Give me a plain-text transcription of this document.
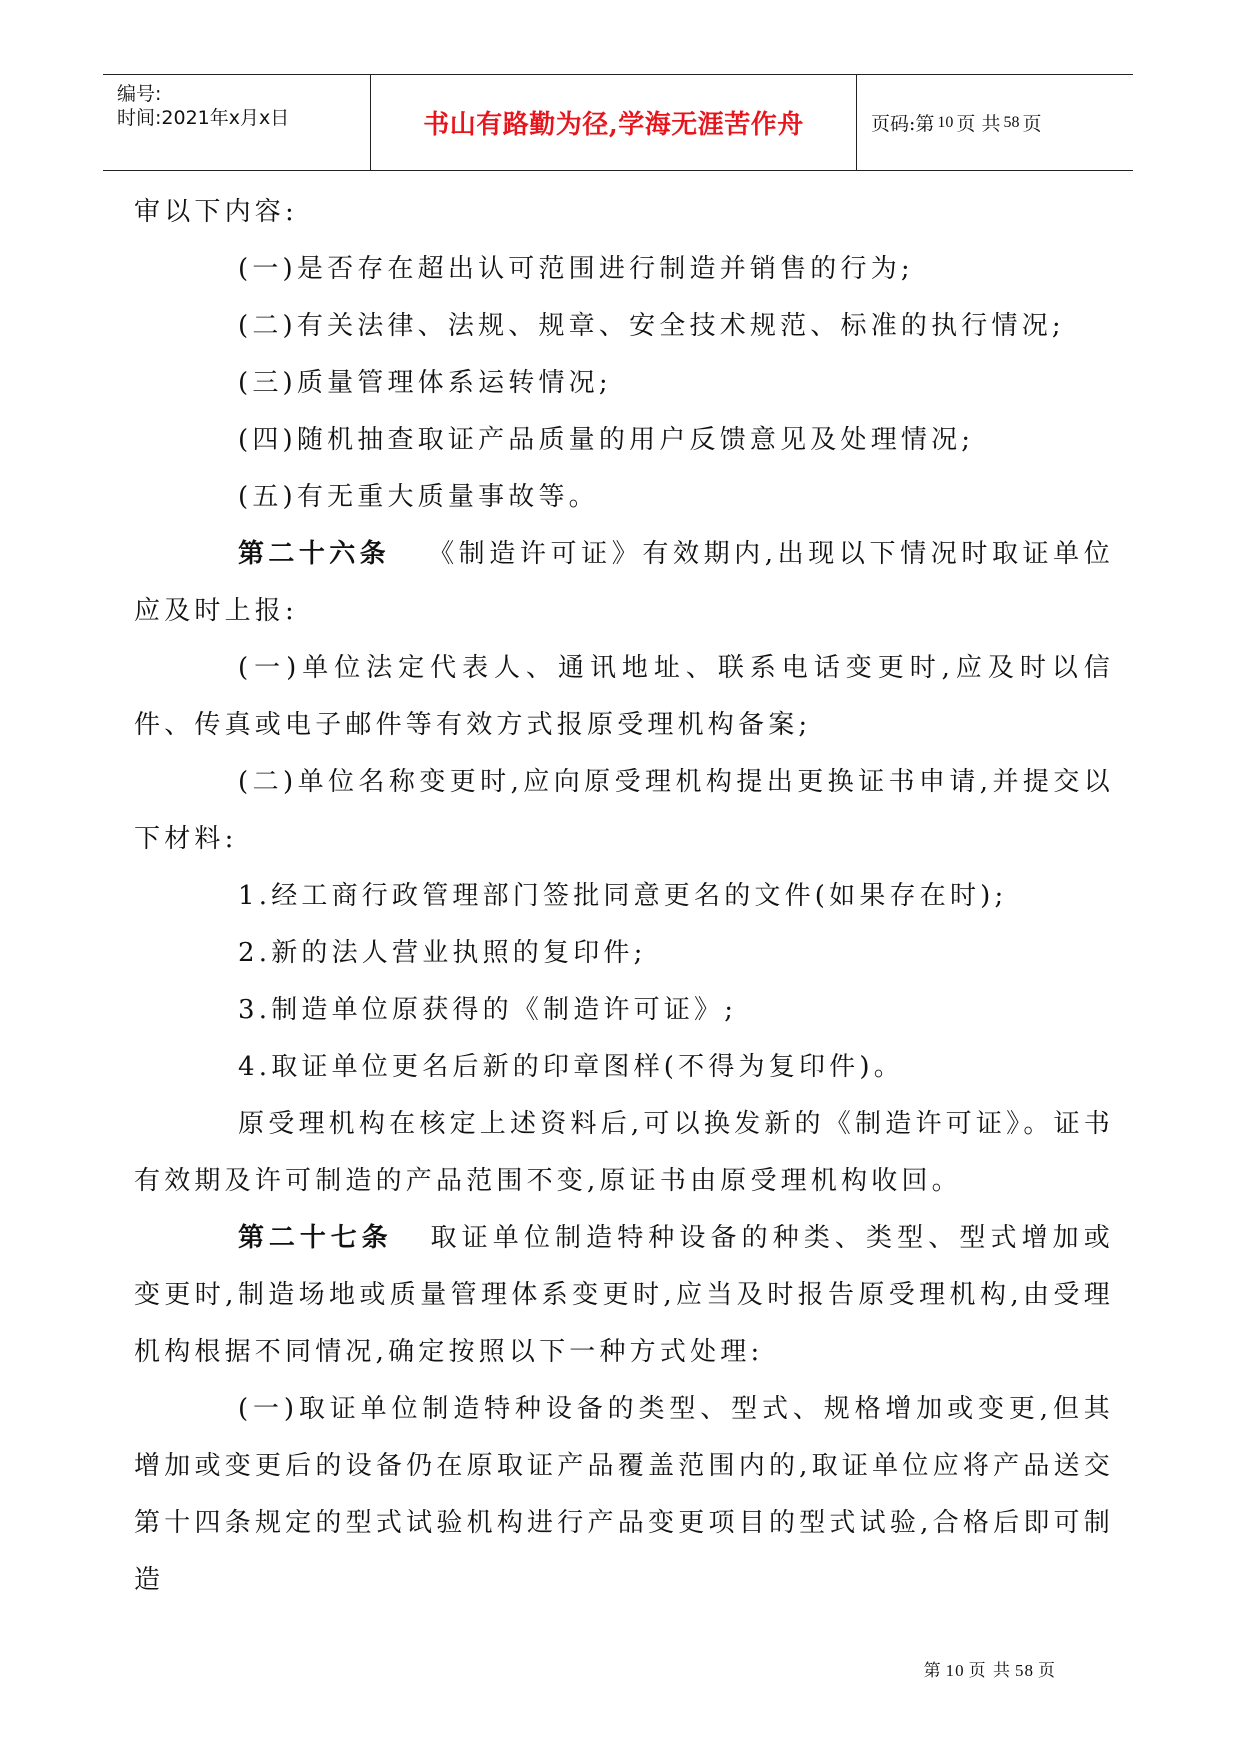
编号:
时间:2021年x月x日	书山有路勤为径,学海无涯苦作舟	页码:第 10 页 共 58 页

审以下内容:

(一)是否存在超出认可范围进行制造并销售的行为;

(二)有关法律、法规、规章、安全技术规范、标准的执行情况;

(三)质量管理体系运转情况;

(四)随机抽查取证产品质量的用户反馈意见及处理情况;

(五)有无重大质量事故等。

第二十六条 《制造许可证》有效期内,出现以下情况时取证单位应及时上报:

(一)单位法定代表人、通讯地址、联系电话变更时,应及时以信件、传真或电子邮件等有效方式报原受理机构备案;

(二)单位名称变更时,应向原受理机构提出更换证书申请,并提交以下材料:

1.经工商行政管理部门签批同意更名的文件(如果存在时);

2.新的法人营业执照的复印件;

3.制造单位原获得的《制造许可证》;

4.取证单位更名后新的印章图样(不得为复印件)。

原受理机构在核定上述资料后,可以换发新的《制造许可证》。证书有效期及许可制造的产品范围不变,原证书由原受理机构收回。

第二十七条 取证单位制造特种设备的种类、类型、型式增加或变更时,制造场地或质量管理体系变更时,应当及时报告原受理机构,由受理机构根据不同情况,确定按照以下一种方式处理:

(一)取证单位制造特种设备的类型、型式、规格增加或变更,但其增加或变更后的设备仍在原取证产品覆盖范围内的,取证单位应将产品送交第十四条规定的型式试验机构进行产品变更项目的型式试验,合格后即可制造

第 10 页 共 58 页
